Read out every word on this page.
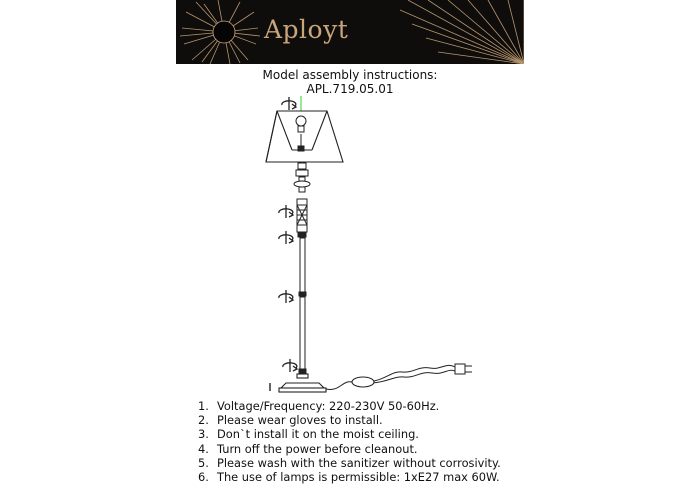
Aployt
Model assembly instructions:
APL.719.05.01
1. Voltage/Frequency: 220-230V 50-60Hz.
2. Please wear gloves to install.
3. Don`t install it on the moist ceiling.
4. Turn off the power before cleanout.
5. Please wash with the sanitizer without corrosivity.
6. The use of lamps is permissible: 1xE27 max 60W.
